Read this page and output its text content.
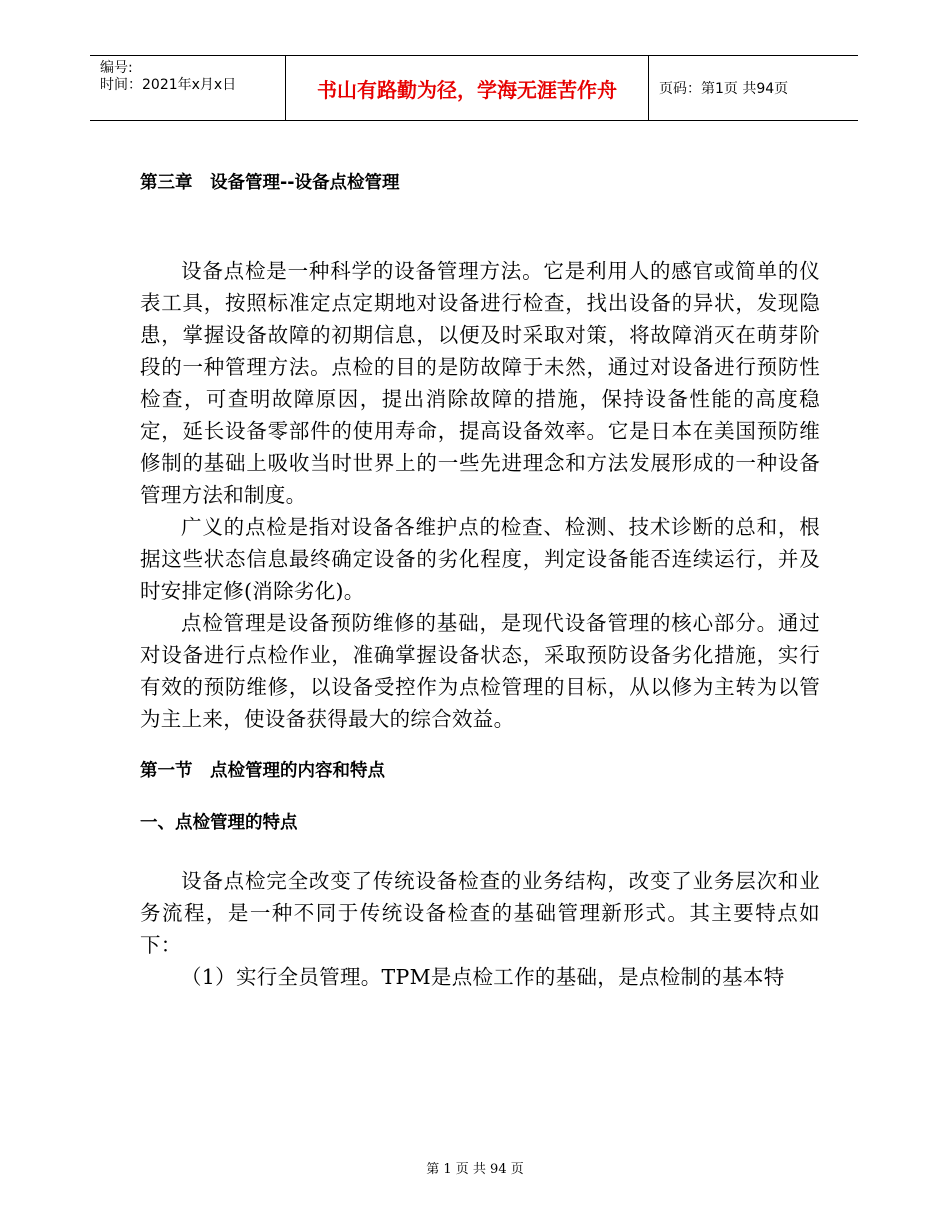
编号:
时间：2021年x月x日	书山有路勤为径，学海无涯苦作舟	页码：第1页 共94页
第三章　设备管理--设备点检管理

设备点检是一种科学的设备管理方法。它是利用人的感官或简单的仪表工具，按照标准定点定期地对设备进行检查，找出设备的异状，发现隐患，掌握设备故障的初期信息，以便及时采取对策，将故障消灭在萌芽阶段的一种管理方法。点检的目的是防故障于未然，通过对设备进行预防性检查，可查明故障原因，提出消除故障的措施，保持设备性能的高度稳定，延长设备零部件的使用寿命，提高设备效率。它是日本在美国预防维修制的基础上吸收当时世界上的一些先进理念和方法发展形成的一种设备管理方法和制度。

广义的点检是指对设备各维护点的检查、检测、技术诊断的总和，根据这些状态信息最终确定设备的劣化程度，判定设备能否连续运行，并及时安排定修(消除劣化)。

点检管理是设备预防维修的基础，是现代设备管理的核心部分。通过对设备进行点检作业，准确掌握设备状态，采取预防设备劣化措施，实行有效的预防维修，以设备受控作为点检管理的目标，从以修为主转为以管为主上来，使设备获得最大的综合效益。

第一节　点检管理的内容和特点
一、点检管理的特点

设备点检完全改变了传统设备检查的业务结构，改变了业务层次和业务流程，是一种不同于传统设备检查的基础管理新形式。其主要特点如下：

（1）实行全员管理。TPM是点检工作的基础，是点检制的基本特

第 1 页 共 94 页
